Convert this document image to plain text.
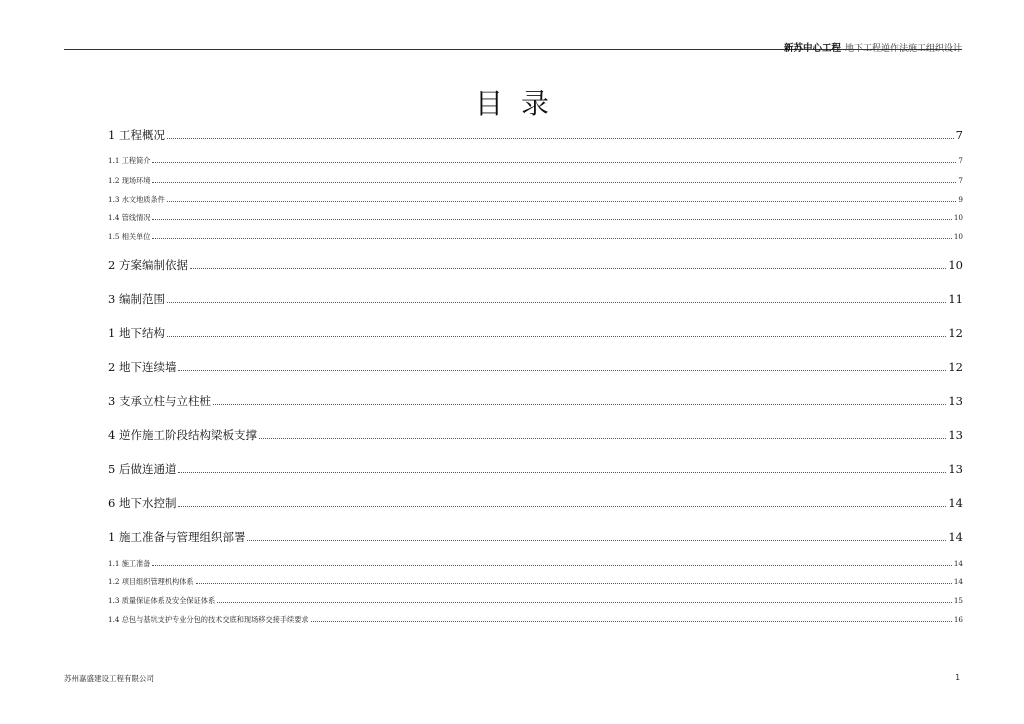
新苏中心工程 地下工程逆作法施工组织设计
目录
1 工程概况	7
1.1 工程简介	7
1.2 现场环境	7
1.3 水文地质条件	9
1.4 管线情况	10
1.5 相关单位	10
2 方案编制依据	10
3 编制范围	11
1 地下结构	12
2 地下连续墙	12
3 支承立柱与立柱桩	13
4 逆作施工阶段结构梁板支撑	13
5 后做连通道	13
6 地下水控制	14
1 施工准备与管理组织部署	14
1.1 施工准备	14
1.2 项目组织管理机构体系	14
1.3 质量保证体系及安全保证体系	15
1.4 总包与基坑支护专业分包的技术交底和现场移交接手续要求	16
苏州嘉盛建设工程有限公司	1
